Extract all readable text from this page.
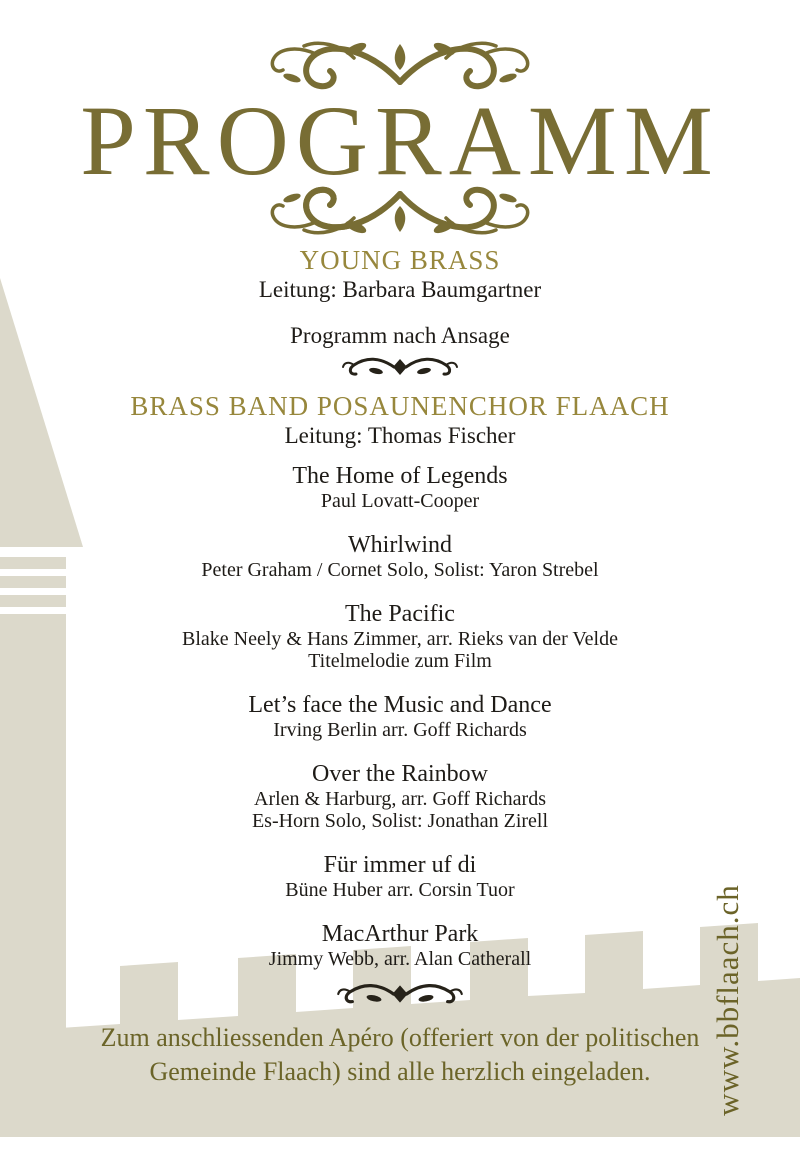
PROGRAMM
YOUNG BRASS
Leitung: Barbara Baumgartner
Programm nach Ansage
BRASS BAND POSAUNENCHOR FLAACH
Leitung: Thomas Fischer
The Home of Legends
Paul Lovatt-Cooper
Whirlwind
Peter Graham / Cornet Solo, Solist: Yaron Strebel
The Pacific
Blake Neely & Hans Zimmer, arr. Rieks van der Velde
Titelmelodie zum Film
Let’s face the Music and Dance
Irving Berlin arr. Goff Richards
Over the Rainbow
Arlen & Harburg, arr. Goff Richards
Es-Horn Solo, Solist: Jonathan Zirell
Für immer uf di
Büne Huber arr. Corsin Tuor
MacArthur Park
Jimmy Webb, arr. Alan Catherall
Zum anschliessenden Apéro (offeriert von der politischen
Gemeinde Flaach) sind alle herzlich eingeladen.	www.bbflaach.ch
